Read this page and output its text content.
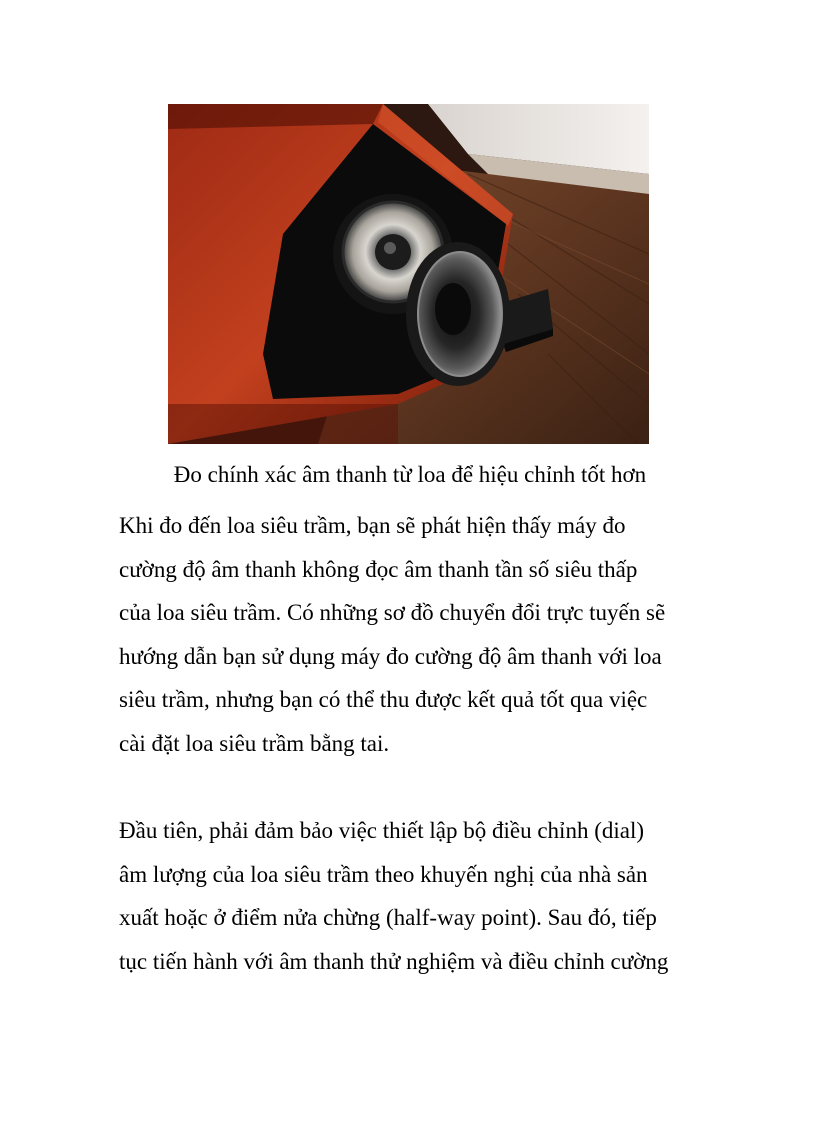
Đo chính xác âm thanh từ loa để hiệu chỉnh tốt hơn

Khi đo đến loa siêu trầm, bạn sẽ phát hiện thấy máy đo
cường độ âm thanh không đọc âm thanh tần số siêu thấp
của loa siêu trầm. Có những sơ đồ chuyển đổi trực tuyến sẽ
hướng dẫn bạn sử dụng máy đo cường độ âm thanh với loa
siêu trầm, nhưng bạn có thể thu được kết quả tốt qua việc
cài đặt loa siêu trầm bằng tai.

Đầu tiên, phải đảm bảo việc thiết lập bộ điều chỉnh (dial)
âm lượng của loa siêu trầm theo khuyến nghị của nhà sản
xuất hoặc ở điểm nửa chừng (half-way point). Sau đó, tiếp
tục tiến hành với âm thanh thử nghiệm và điều chỉnh cường
